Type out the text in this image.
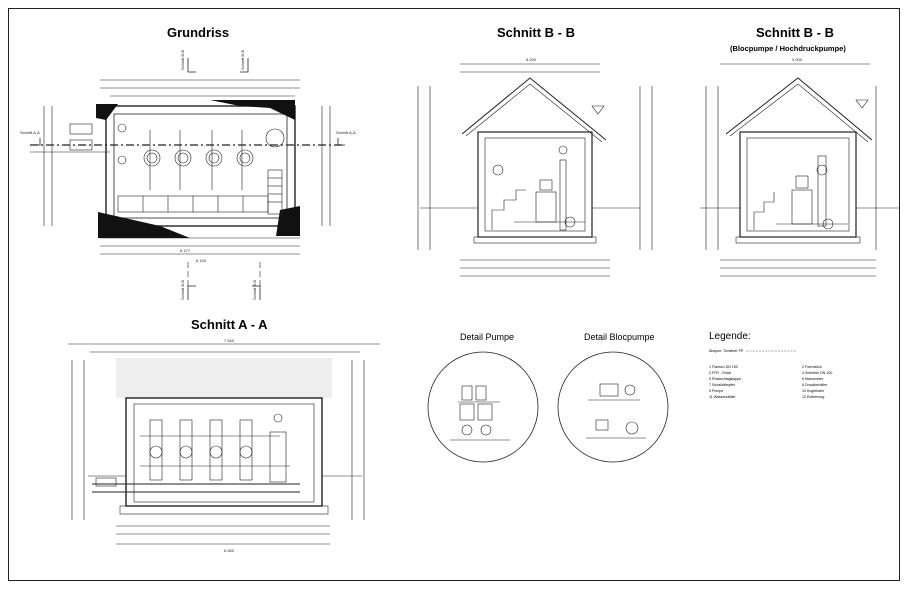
Grundriss	Schnitt B - B	Schnitt B - B
(Blocpumpe / Hochdruckpumpe)
Schnitt A - A
Detail Pumpe	Detail Blocpumpe	Legende:
Schnitt B-B	Schnitt B-B
Schnitt A-A	Schnitt A-A
6.177
6.100
Schnitt B-B	Schnitt B-B
5.200	3.900
7.540
6.450
Absperr. Schieber FP ○○○○○○○○○○○○○○○○
1 Flansch DN 150	2 Formstück
3 FFR - Stück	4 Schieber DN 100
5 Rückschlagklappe	6 Manometer
7 Schalldämpfer	8 Druckbehälter
9 Pumpe	10 Kugelhahn
11 Wasserzähler	12 Entleerung
